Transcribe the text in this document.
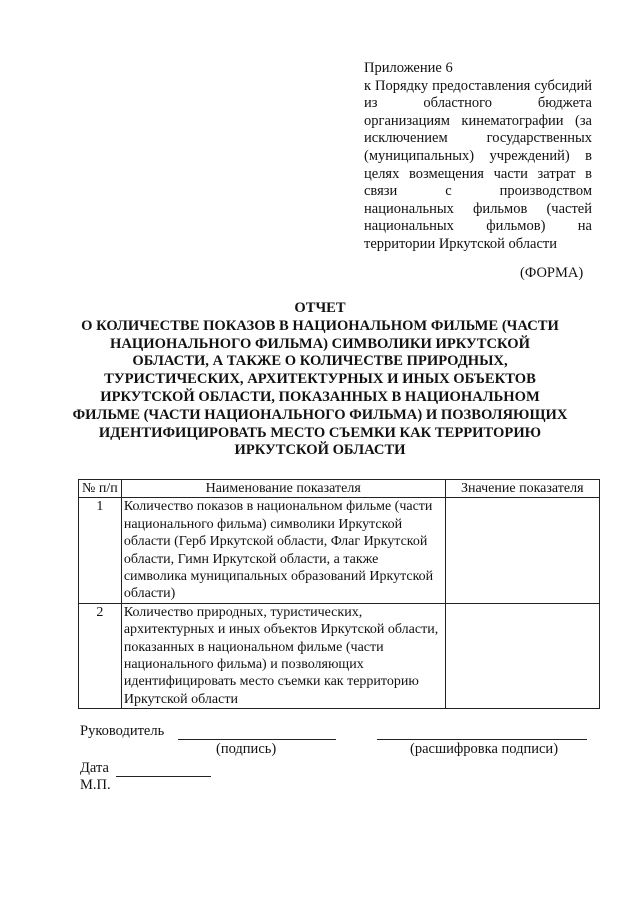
Приложение 6
к Порядку предоставления субсидий из областного бюджета организациям кинематографии (за исключением государственных (муниципальных) учреждений) в целях возмещения части затрат в связи с производством национальных фильмов (частей национальных фильмов) на территории Иркутской области
(ФОРМА)
ОТЧЕТ
О КОЛИЧЕСТВЕ ПОКАЗОВ В НАЦИОНАЛЬНОМ ФИЛЬМЕ (ЧАСТИ НАЦИОНАЛЬНОГО ФИЛЬМА) СИМВОЛИКИ ИРКУТСКОЙ ОБЛАСТИ, А ТАКЖЕ О КОЛИЧЕСТВЕ ПРИРОДНЫХ, ТУРИСТИЧЕСКИХ, АРХИТЕКТУРНЫХ И ИНЫХ ОБЪЕКТОВ ИРКУТСКОЙ ОБЛАСТИ, ПОКАЗАННЫХ В НАЦИОНАЛЬНОМ ФИЛЬМЕ (ЧАСТИ НАЦИОНАЛЬНОГО ФИЛЬМА) И ПОЗВОЛЯЮЩИХ ИДЕНТИФИЦИРОВАТЬ МЕСТО СЪЕМКИ КАК ТЕРРИТОРИЮ ИРКУТСКОЙ ОБЛАСТИ
№ п/п	Наименование показателя	Значение показателя
1	Количество показов в национальном фильме (части национального фильма) символики Иркутской области (Герб Иркутской области, Флаг Иркутской области, Гимн Иркутской области, а также символика муниципальных образований Иркутской области)	
2	Количество природных, туристических, архитектурных и иных объектов Иркутской области, показанных в национальном фильме (части национального фильма) и позволяющих идентифицировать место съемки как территорию Иркутской области	
Руководитель
(подпись)	(расшифровка подписи)
Дата
М.П.
